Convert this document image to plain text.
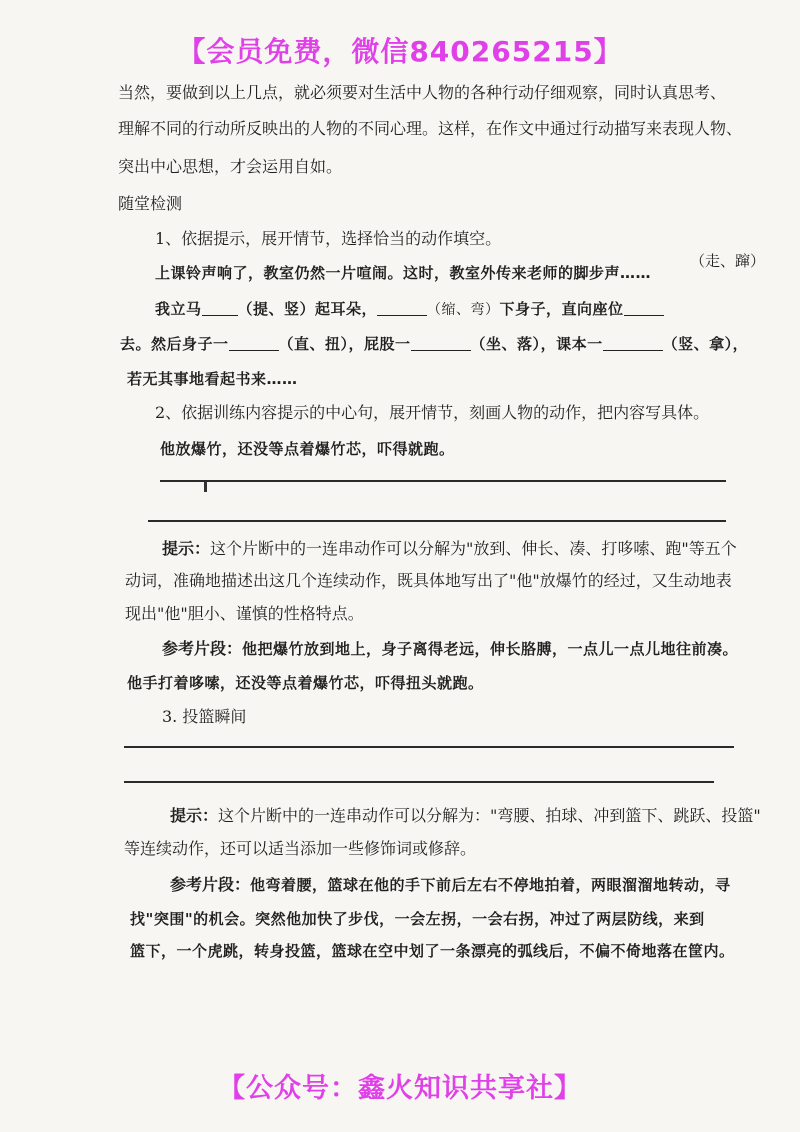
【会员免费，微信840265215】
当然，要做到以上几点，就必须要对生活中人物的各种行动仔细观察，同时认真思考、
理解不同的行动所反映出的人物的不同心理。这样，在作文中通过行动描写来表现人物、
突出中心思想，才会运用自如。
随堂检测
1、依据提示，展开情节，选择恰当的动作填空。
上课铃声响了，教室仍然一片喧闹。这时，教室外传来老师的脚步声……
（走、蹿）
我立马 （提、竖）起耳朵，	（缩、弯）下身子，直向座位
去。然后身子一	（直、扭），屁股一	（坐、落），课本一	（竖、拿），
若无其事地看起书来……
2、依据训练内容提示的中心句，展开情节，刻画人物的动作，把内容写具体。
他放爆竹，还没等点着爆竹芯，吓得就跑。
提示：这个片断中的一连串动作可以分解为"放到、伸长、凑、打哆嗦、跑"等五个
动词，准确地描述出这几个连续动作，既具体地写出了"他"放爆竹的经过，又生动地表
现出"他"胆小、谨慎的性格特点。
参考片段：他把爆竹放到地上，身子离得老远，伸长胳膊，一点儿一点儿地往前凑。
他手打着哆嗦，还没等点着爆竹芯，吓得扭头就跑。
3. 投篮瞬间
提示：这个片断中的一连串动作可以分解为："弯腰、拍球、冲到篮下、跳跃、投篮"
等连续动作，还可以适当添加一些修饰词或修辞。
参考片段：他弯着腰，篮球在他的手下前后左右不停地拍着，两眼溜溜地转动，寻
找"突围"的机会。突然他加快了步伐，一会左拐，一会右拐，冲过了两层防线，来到
篮下，一个虎跳，转身投篮，篮球在空中划了一条漂亮的弧线后，不偏不倚地落在筐内。
【公众号：鑫火知识共享社】
